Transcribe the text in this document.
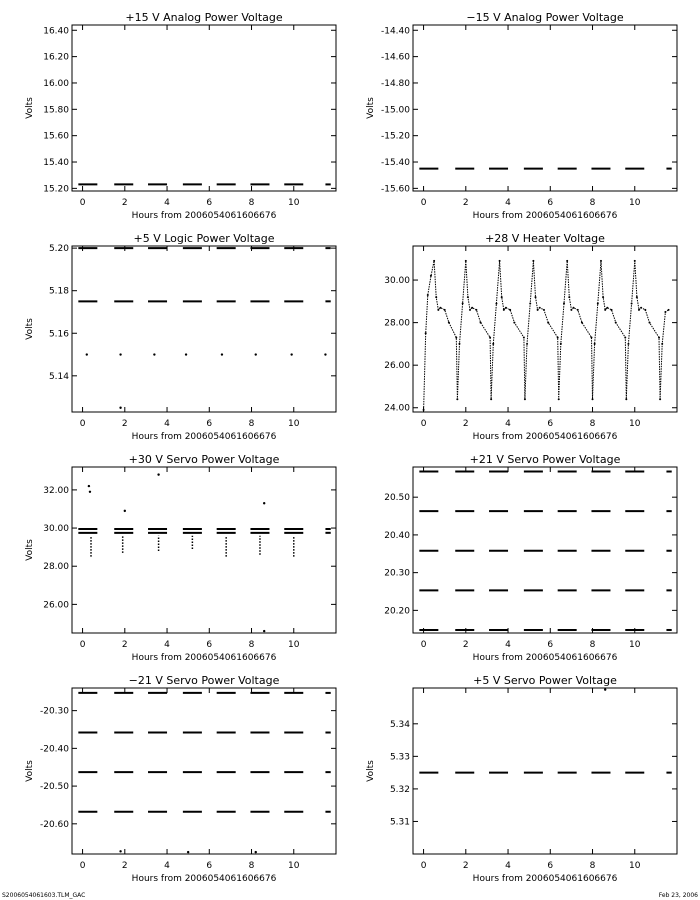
+15 V Analog Power Voltage
Hours from 2006054061606676
Volts
0	2	4	6	8	10
16.40
16.20
16.00
15.80
15.60
15.40
15.20
−15 V Analog Power Voltage
Hours from 2006054061606676
Volts
0	2	4	6	8	10
-14.40
-14.60
-14.80
-15.00
-15.20
-15.40
-15.60
+5 V Logic Power Voltage
Hours from 2006054061606676
Volts
0	2	4	6	8	10
5.20
5.18
5.16
5.14
+28 V Heater Voltage
Hours from 2006054061606676
0	2	4	6	8	10
30.00
28.00
26.00
24.00
+30 V Servo Power Voltage
Hours from 2006054061606676
Volts
0	2	4	6	8	10
32.00
30.00
28.00
26.00
+21 V Servo Power Voltage
Hours from 2006054061606676
0	2	4	6	8	10
20.50
20.40
20.30
20.20
−21 V Servo Power Voltage
Hours from 2006054061606676
Volts
0	2	4	6	8	10
-20.30
-20.40
-20.50
-20.60
+5 V Servo Power Voltage
Hours from 2006054061606676
Volts
0	2	4	6	8	10
5.34
5.33
5.32
5.31
S2006054061603.TLM_GAC	Feb 23, 2006
